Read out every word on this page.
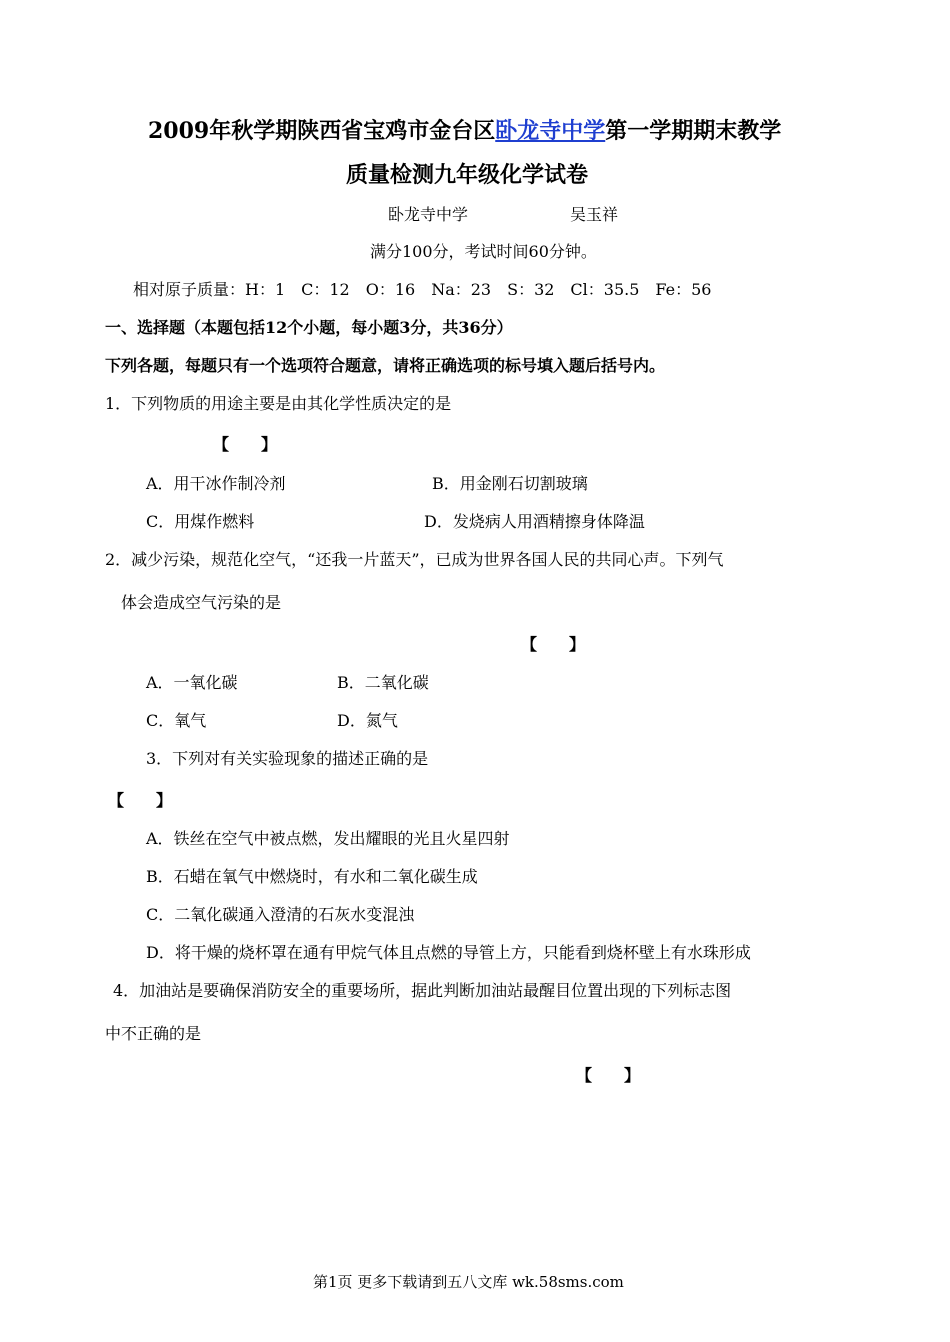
2009年秋学期陕西省宝鸡市金台区卧龙寺中学第一学期期末教学
质量检测九年级化学试卷
卧龙寺中学	吴玉祥
满分100分，考试时间60分钟。
相对原子质量：H：1　C：12　O：16　Na：23　S：32　Cl：35.5　Fe：56
一、选择题（本题包括12个小题，每小题3分，共36分）
下列各题，每题只有一个选项符合题意，请将正确选项的标号填入题后括号内。
1．下列物质的用途主要是由其化学性质决定的是
【　　】
A．用干冰作制冷剂	B．用金刚石切割玻璃
C．用煤作燃料	D．发烧病人用酒精擦身体降温
2．减少污染，规范化空气，“还我一片蓝天”，已成为世界各国人民的共同心声。下列气
体会造成空气污染的是
【　　】
A．一氧化碳	B．二氧化碳
C．氧气	D．氮气
3．下列对有关实验现象的描述正确的是
【　　】
A．铁丝在空气中被点燃，发出耀眼的光且火星四射
B．石蜡在氧气中燃烧时，有水和二氧化碳生成
C．二氧化碳通入澄清的石灰水变混浊
D．将干燥的烧杯罩在通有甲烷气体且点燃的导管上方，只能看到烧杯壁上有水珠形成
4．加油站是要确保消防安全的重要场所，据此判断加油站最醒目位置出现的下列标志图
中不正确的是
【　　】
第1页 更多下载请到五八文库 wk.58sms.com
